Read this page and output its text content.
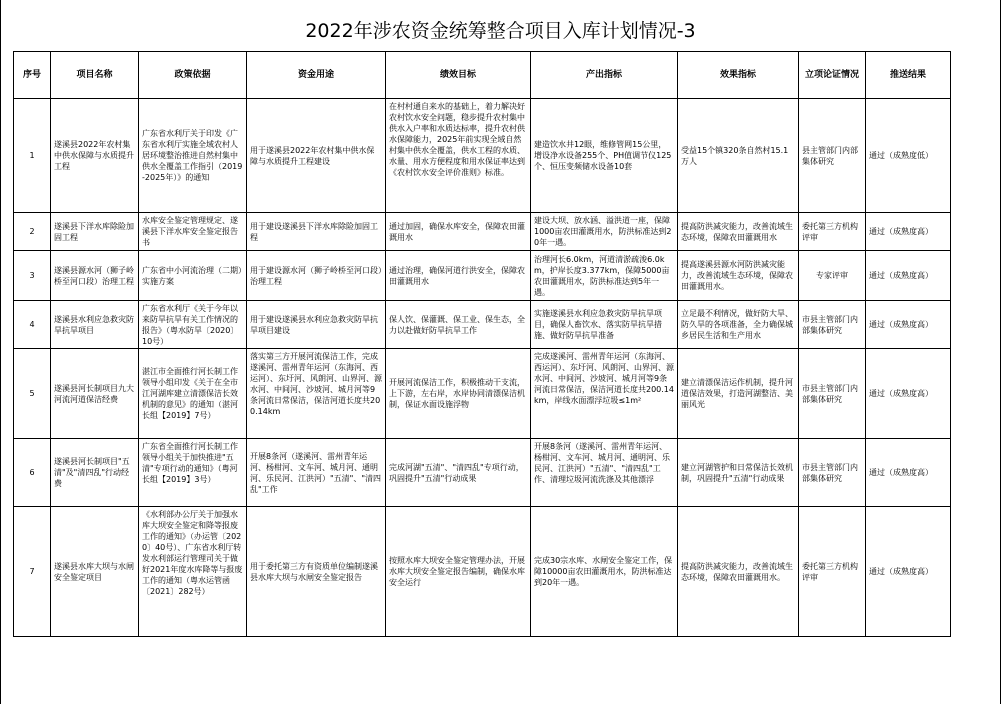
2022年涉农资金统筹整合项目入库计划情况-3
序号	项目名称	政策依据	资金用途	绩效目标	产出指标	效果指标	立项论证情况	推送结果
1	遂溪县2022年农村集中供水保障与水质提升工程	广东省水利厅关于印发《广东省水利厅实施全域农村人居环境整治推进自然村集中供水全覆盖工作指引（2019-2025年）》的通知	用于遂溪县2022年农村集中供水保障与水质提升工程建设	在村村通自来水的基础上，着力解决好农村饮水安全问题，稳步提升农村集中供水入户率和水质达标率，提升农村供水保障能力，2025年前实现全域自然村集中供水全覆盖，供水工程的水质、水量、用水方便程度和用水保证率达到《农村饮水安全评价准则》标准。	建造饮水井12眼，维修管网15公里，增设净水设备255个、PH值调节仪125个、恒压变频储水设备10套	受益15个镇320条自然村15.1万人	县主管部门内部集体研究	通过（成熟度低）
2	遂溪县下洋水库除险加固工程	水库安全鉴定管理规定、遂溪县下洋水库安全鉴定报告书	用于建设遂溪县下洋水库除险加固工程	通过加固，确保水库安全，保障农田灌溉用水	建设大坝、放水涵、溢洪道一座，保障1000亩农田灌溉用水，防洪标准达到20年一遇。	提高防洪减灾能力，改善流域生态环境，保障农田灌溉用水	委托第三方机构评审	通过（成熟度高）
3	遂溪县源水河（狮子岭桥至河口段）治理工程	广东省中小河流治理（二期）实施方案	用于建设源水河（狮子岭桥至河口段）治理工程	通过治理，确保河道行洪安全，保障农田灌溉用水	治理河长6.0km，河道清淤疏浚6.0km，护岸长度3.377km，保障5000亩农田灌溉用水，防洪标准达到5年一遇。	提高遂溪县源水河防洪减灾能力，改善流域生态环境，保障农田灌溉用水。	专家评审	通过（成熟度高）
4	遂溪县水利应急救灾防旱抗旱项目	广东省水利厅《关于今年以来防旱抗旱有关工作情况的报告》（粤水防旱〔2020〕10号）	用于建设遂溪县水利应急救灾防旱抗旱项目建设	保人饮、保灌溉、保工业、保生态，全力以赴做好防旱抗旱工作	实施遂溪县水利应急救灾防旱抗旱项目，确保人畜饮水、落实防旱抗旱措施、做好防旱抗旱准备	立足最不利情况，做好防大旱、防久旱的各项准备，全力确保城乡居民生活和生产用水	市县主管部门内部集体研究	通过（成熟度高）
5	遂溪县河长制项目九大河流河道保洁经费	湛江市全面推行河长制工作领导小组印发《关于在全市江河湖库建立清漂保洁长效机制的意见》的通知（湛河长组【2019】7号）	落实第三方开展河流保洁工作，完成遂溪河、雷州青年运河（东海河、西运河）、东圩河、风朗河、山界河、源水河、中间河、沙坡河、城月河等9条河流日常保洁，保洁河道长度共200.14km	开展河流保洁工作，积极推动干支流，上下游，左右岸，水岸协同清漂保洁机制，保证水面设施浮物	完成遂溪河、雷州青年运河（东海河、西运河）、东圩河、风朗河、山界河、源水河、中间河、沙坡河、城月河等9条河流日常保洁，保洁河道长度共200.14km，岸线水面漂浮垃圾≤1m²	建立清漂保洁运作机制，提升河道保洁效果，打造河湖整洁、美丽风光	市县主管部门内部集体研究	通过（成熟度高）
6	遂溪县河长制项目"五清"及"清四乱"行动经费	广东省全面推行河长制工作领导小组关于加快推进"五清"专项行动的通知》（粤河长组【2019】3号）	开展8条河（遂溪河、雷州青年运河、杨柑河、文车河、城月河、通明河、乐民河、江洪河）"五清"、"清四乱"工作	完成河湖"五清"、"清四乱"专项行动，巩固提升"五清"行动成果	开展8条河（遂溪河、雷州青年运河、杨柑河、文车河、城月河、通明河、乐民河、江洪河）"五清"、"清四乱"工作、清理垃圾河流洗涤及其他漂浮	建立河湖管护和日常保洁长效机制，巩固提升"五清"行动成果	市县主管部门内部集体研究	通过（成熟度高）
7	遂溪县水库大坝与水闸安全鉴定项目	《水利部办公厅关于加强水库大坝安全鉴定和降等报废工作的通知》（办运管〔2020〕40号）、广东省水利厅转发水利部运行管理司关于做好2021年度水库降等与报废工作的通知（粤水运管函〔2021〕282号）	用于委托第三方有资质单位编制遂溪县水库大坝与水闸安全鉴定报告	按照水库大坝安全鉴定管理办法，开展水库大坝安全鉴定报告编制，确保水库安全运行	完成30宗水库、水闸安全鉴定工作，保障10000亩农田灌溉用水，防洪标准达到20年一遇。	提高防洪减灾能力，改善流域生态环境，保障农田灌溉用水。	委托第三方机构评审	通过（成熟度高）
